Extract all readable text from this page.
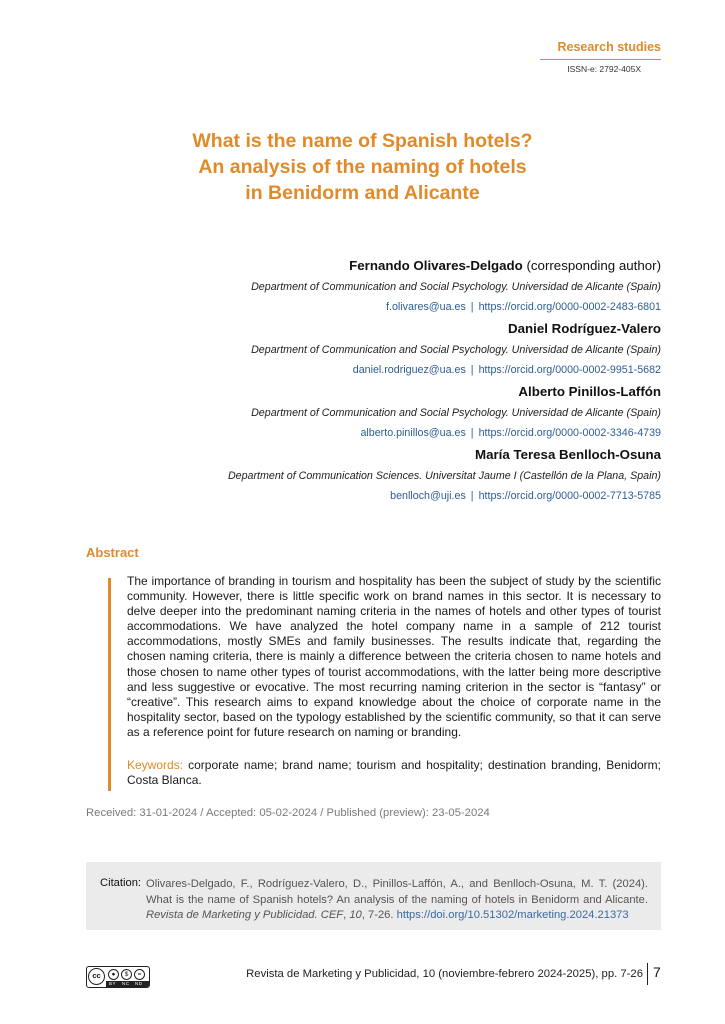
Research studies
ISSN-e: 2792-405X
What is the name of Spanish hotels?
An analysis of the naming of hotels
in Benidorm and Alicante
Fernando Olivares-Delgado (corresponding author)
Department of Communication and Social Psychology. Universidad de Alicante (Spain)
f.olivares@ua.es | https://orcid.org/0000-0002-2483-6801
Daniel Rodríguez-Valero
Department of Communication and Social Psychology. Universidad de Alicante (Spain)
daniel.rodriguez@ua.es | https://orcid.org/0000-0002-9951-5682
Alberto Pinillos-Laffón
Department of Communication and Social Psychology. Universidad de Alicante (Spain)
alberto.pinillos@ua.es | https://orcid.org/0000-0002-3346-4739
María Teresa Benlloch-Osuna
Department of Communication Sciences. Universitat Jaume I (Castellón de la Plana, Spain)
benlloch@uji.es | https://orcid.org/0000-0002-7713-5785
Abstract
The importance of branding in tourism and hospitality has been the subject of study by the scientific community. However, there is little specific work on brand names in this sector. It is necessary to delve deeper into the predominant naming criteria in the names of hotels and other types of tourist accommodations. We have analyzed the hotel company name in a sample of 212 tourist accommodations, mostly SMEs and family businesses. The results indicate that, regarding the chosen naming criteria, there is mainly a difference between the criteria chosen to name hotels and those chosen to name other types of tourist accommodations, with the latter being more descriptive and less suggestive or evocative. The most recurring naming criterion in the sector is “fantasy” or “creative”. This research aims to expand knowledge about the choice of corporate name in the hospitality sector, based on the typology established by the scientific community, so that it can serve as a reference point for future research on naming or branding.
Keywords: corporate name; brand name; tourism and hospitality; destination branding, Benidorm; Costa Blanca.
Received: 31-01-2024 / Accepted: 05-02-2024 / Published (preview): 23-05-2024
Citation: Olivares-Delgado, F., Rodríguez-Valero, D., Pinillos-Laffón, A., and Benlloch-Osuna, M. T. (2024). What is the name of Spanish hotels? An analysis of the naming of hotels in Benidorm and Alicante. Revista de Marketing y Publicidad. CEF, 10, 7-26. https://doi.org/10.51302/marketing.2024.21373
cc	●	$	=
BY NC ND
Revista de Marketing y Publicidad, 10 (noviembre-febrero 2024-2025), pp. 7-26 7
